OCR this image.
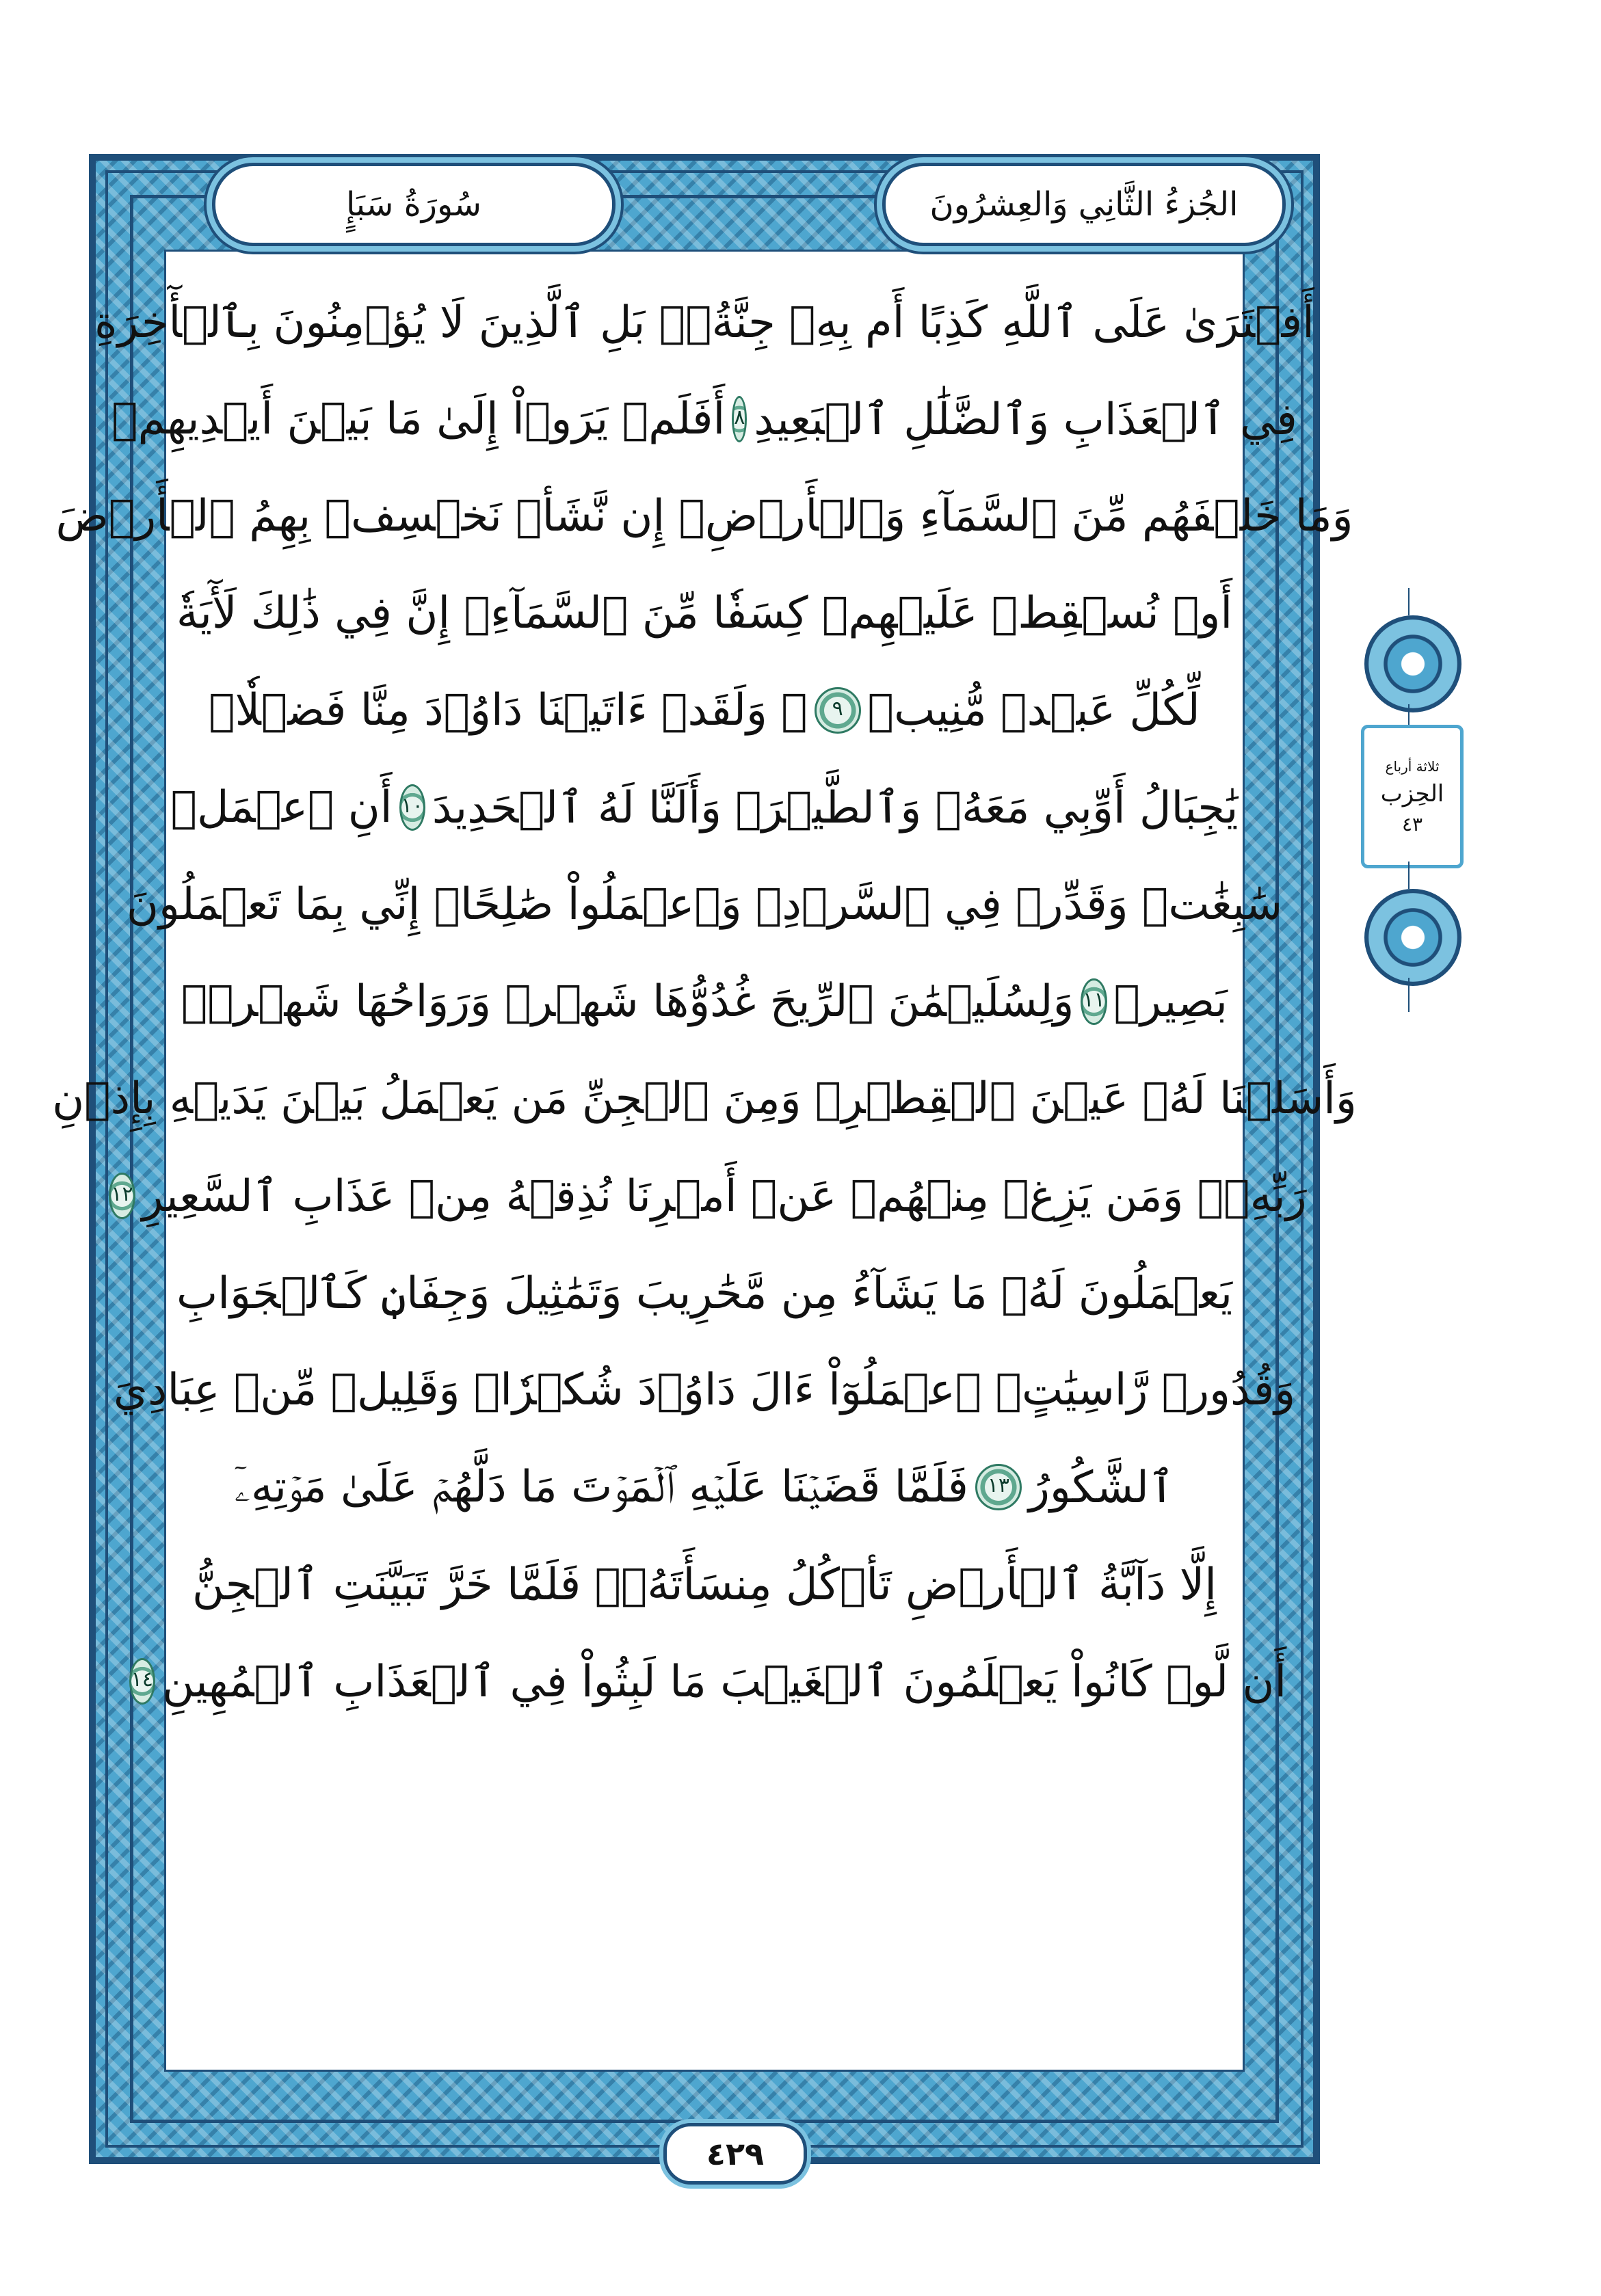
الجُزءُ الثَّانِي وَالعِشرُونَ
سُورَةُ سَبَإٍ
أَفۡتَرَىٰ عَلَى ٱللَّهِ كَذِبًا أَم بِهِۦ جِنَّةُۢۗ بَلِ ٱلَّذِينَ لَا يُؤۡمِنُونَ بِٱلۡأٓخِرَةِ
فِي ٱلۡعَذَابِ وَٱلضَّلَٰلِ ٱلۡبَعِيدِ
٨
أَفَلَمۡ يَرَوۡاْ إِلَىٰ مَا بَيۡنَ أَيۡدِيهِمۡ
وَمَا خَلۡفَهُم مِّنَ ٱلسَّمَآءِ وَٱلۡأَرۡضِۚ إِن نَّشَأۡ نَخۡسِفۡ بِهِمُ ٱلۡأَرۡضَ
أَوۡ نُسۡقِطۡ عَلَيۡهِمۡ كِسَفٗا مِّنَ ٱلسَّمَآءِۚ إِنَّ فِي ذَٰلِكَ لَأٓيَةٗ
لِّكُلِّ عَبۡدٖ مُّنِيبٖ
٩
۞ وَلَقَدۡ ءَاتَيۡنَا دَاوُۥدَ مِنَّا فَضۡلٗاۖ
يَٰجِبَالُ أَوِّبِي مَعَهُۥ وَٱلطَّيۡرَۖ وَأَلَنَّا لَهُ ٱلۡحَدِيدَ
١٠
أَنِ ٱعۡمَلۡ
سَٰبِغَٰتٖ وَقَدِّرۡ فِي ٱلسَّرۡدِۖ وَٱعۡمَلُواْ صَٰلِحًاۖ إِنِّي بِمَا تَعۡمَلُونَ
بَصِيرٞ
١١
وَلِسُلَيۡمَٰنَ ٱلرِّيحَ غُدُوُّهَا شَهۡرٞ وَرَوَاحُهَا شَهۡرٞۖ
وَأَسَلۡنَا لَهُۥ عَيۡنَ ٱلۡقِطۡرِۖ وَمِنَ ٱلۡجِنِّ مَن يَعۡمَلُ بَيۡنَ يَدَيۡهِ بِإِذۡنِ
رَبِّهِۦۖ وَمَن يَزِغۡ مِنۡهُمۡ عَنۡ أَمۡرِنَا نُذِقۡهُ مِنۡ عَذَابِ ٱلسَّعِيرِ
١٢
يَعۡمَلُونَ لَهُۥ مَا يَشَآءُ مِن مَّحَٰرِيبَ وَتَمَٰثِيلَ وَجِفَانٖ كَٱلۡجَوَابِ
وَقُدُورٖ رَّاسِيَٰتٍۚ ٱعۡمَلُوٓاْ ءَالَ دَاوُۥدَ شُكۡرٗاۚ وَقَلِيلٞ مِّنۡ عِبَادِيَ
ٱلشَّكُورُ
١٣
فَلَمَّا قَضَيۡنَا عَلَيۡهِ ٱلۡمَوۡتَ مَا دَلَّهُمۡ عَلَىٰ مَوۡتِهِۦٓ
إِلَّا دَآبَّةُ ٱلۡأَرۡضِ تَأۡكُلُ مِنسَأَتَهُۥۖ فَلَمَّا خَرَّ تَبَيَّنَتِ ٱلۡجِنُّ
أَن لَّوۡ كَانُواْ يَعۡلَمُونَ ٱلۡغَيۡبَ مَا لَبِثُواْ فِي ٱلۡعَذَابِ ٱلۡمُهِينِ
١٤
ثلاثة أرباع
الحِزب
٤٣
٤٢٩
